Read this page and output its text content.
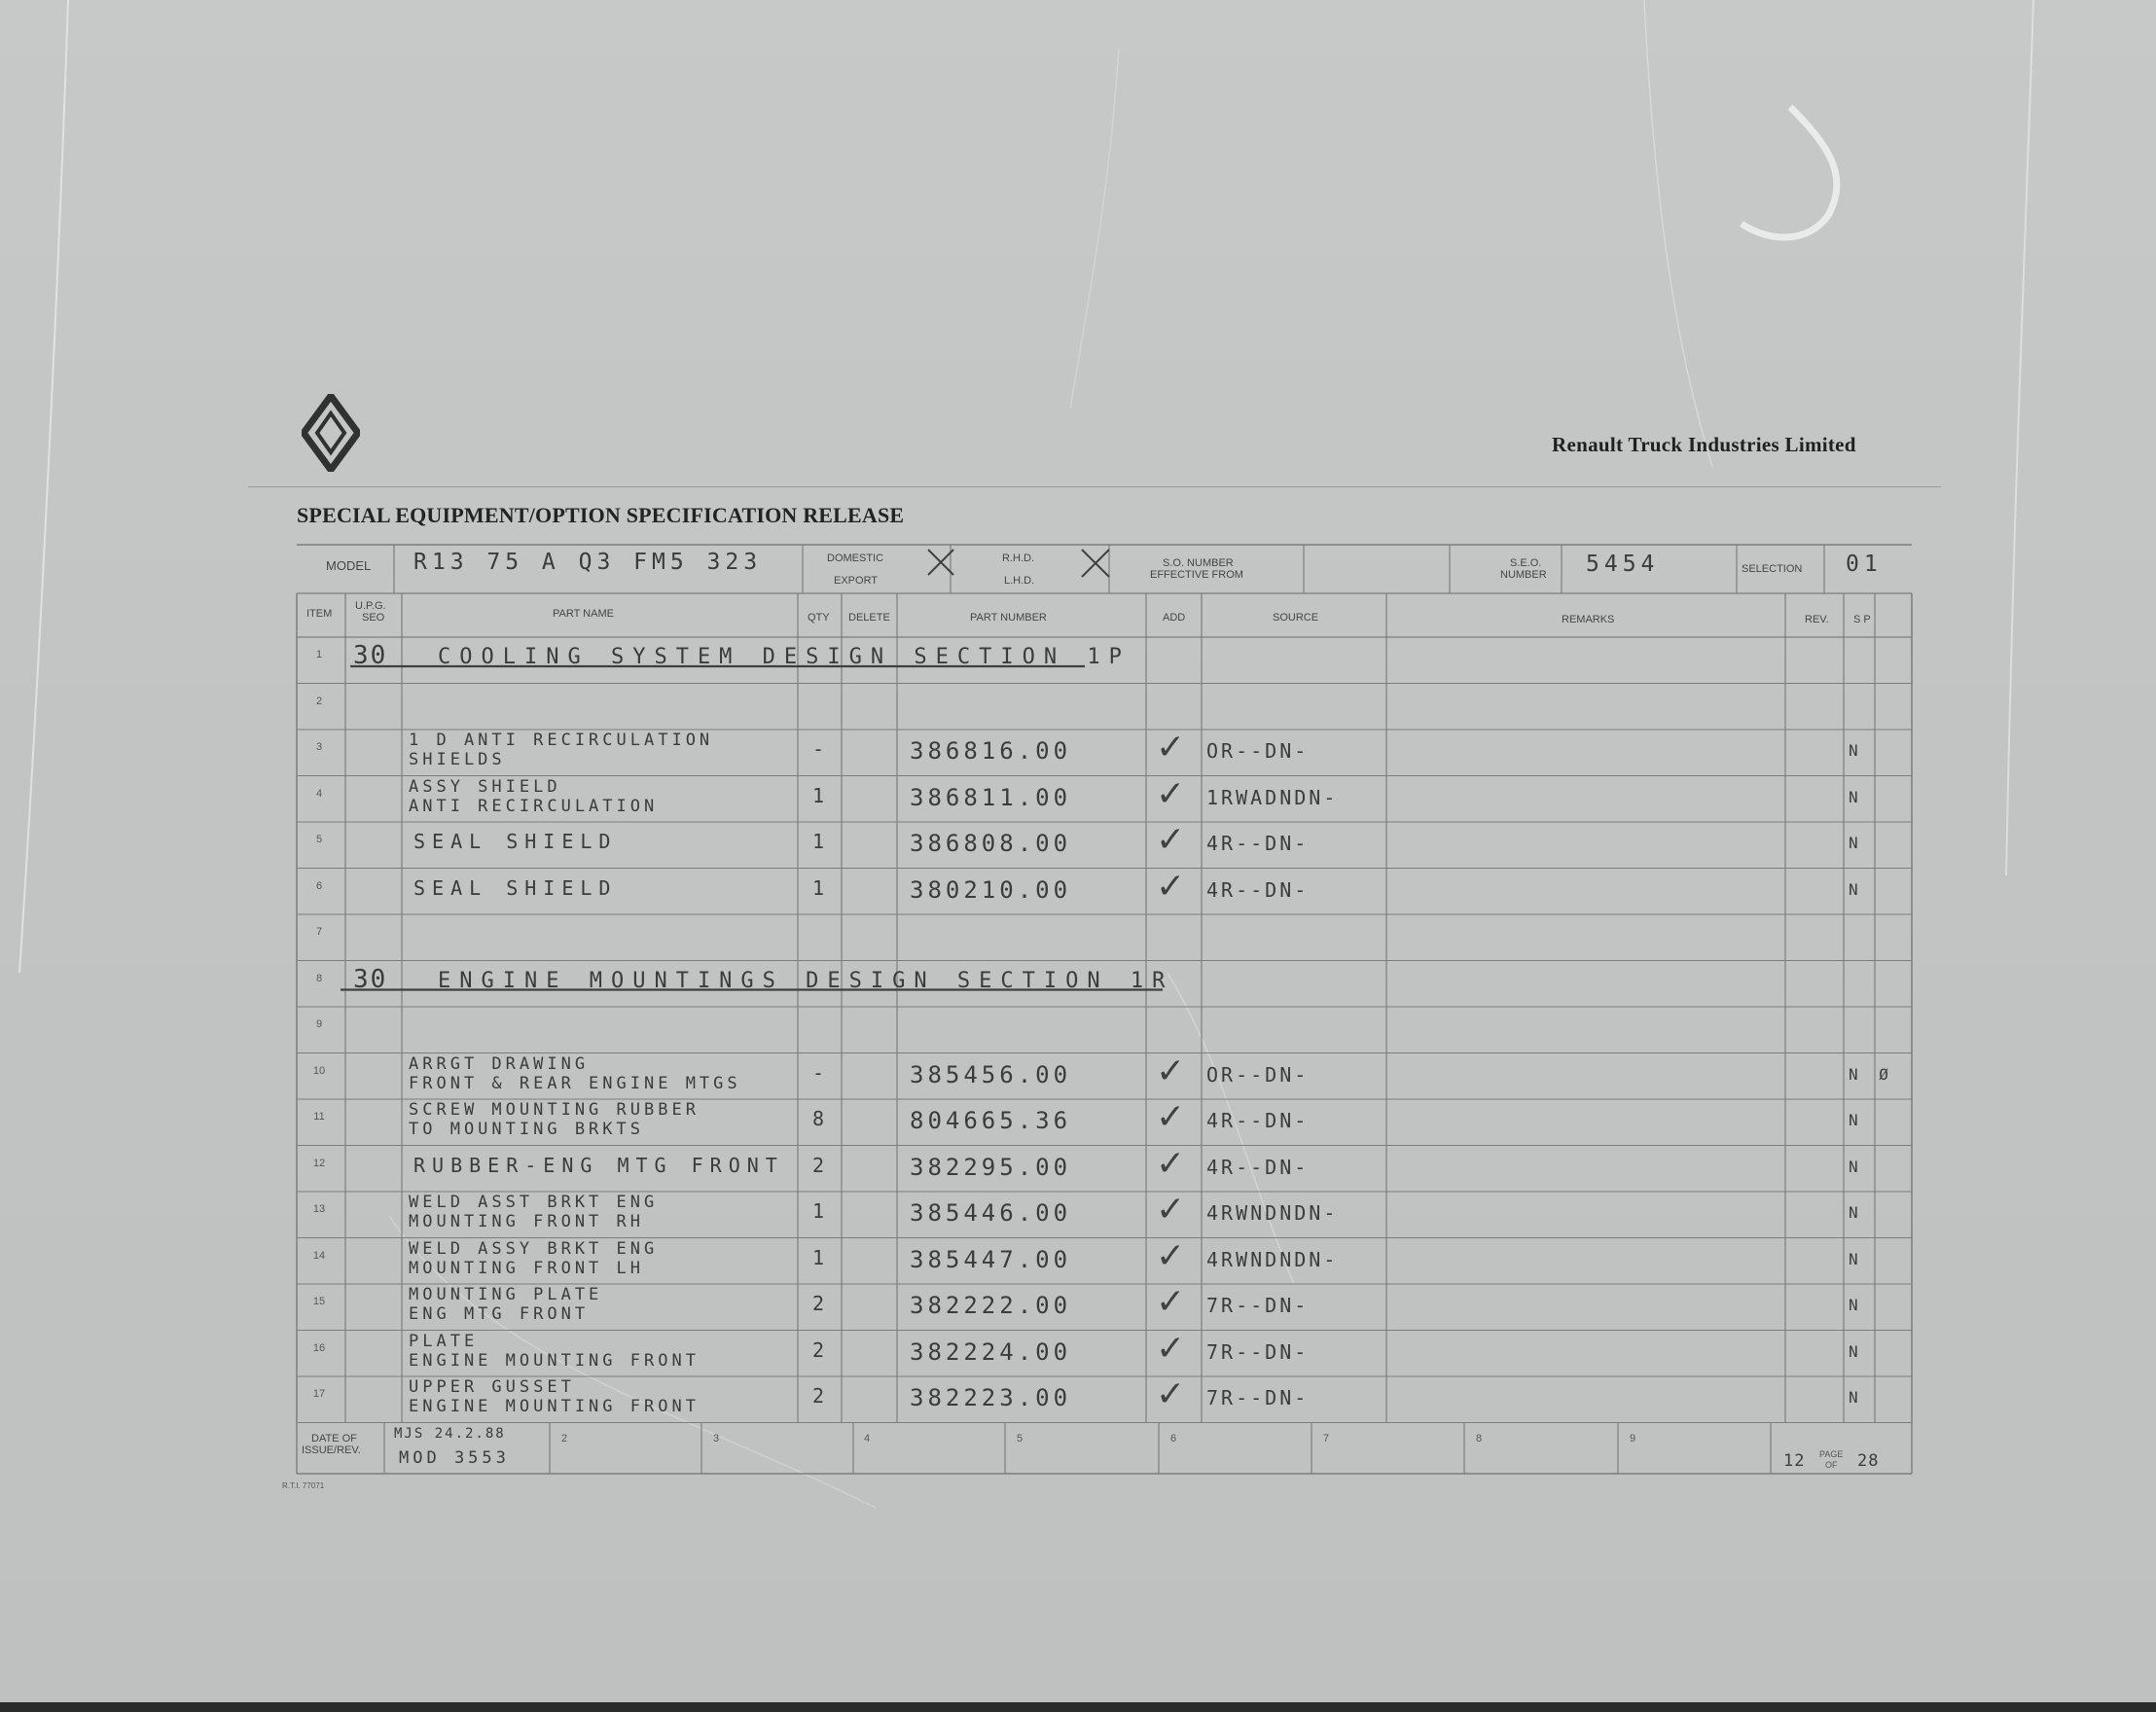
Renault Truck Industries Limited
SPECIAL EQUIPMENT/OPTION SPECIFICATION RELEASE
MODEL R13 75 A Q3 FM5 323	DOMESTIC
EXPORT
R.H.D.
L.H.D.
S.O. NUMBER
EFFECTIVE FROM
S.E.O.
NUMBER 5454	SELECTION 01
ITEM
U.P.G.
SEO	PART NAME	QTY DELETE	PART NUMBER	ADD	SOURCE	REMARKS	REV. S P
1	30 COOLING SYSTEM DESIGN SECTION 1P
2
3	1 D ANTI RECIRCULATION
SHIELDS	-	386816.00 ✓ OR--DN-	N
4	ASSY SHIELD
ANTI RECIRCULATION	1	386811.00 ✓ 1RWADNDN-	N
5	SEAL SHIELD	1	386808.00 ✓ 4R--DN-	N
6	SEAL SHIELD	1	380210.00 ✓ 4R--DN-	N
7
8	30 ENGINE MOUNTINGS DESIGN SECTION 1R
9
10	ARRGT DRAWING
FRONT & REAR ENGINE MTGS	-	385456.00 ✓ OR--DN-	N Ø
11	SCREW MOUNTING RUBBER
TO MOUNTING BRKTS	8	804665.36 ✓ 4R--DN-	N
12	RUBBER-ENG MTG FRONT 2	382295.00 ✓ 4R--DN-	N
13	WELD ASST BRKT ENG
MOUNTING FRONT RH	1	385446.00 ✓ 4RWNDNDN-	N
14	WELD ASSY BRKT ENG
MOUNTING FRONT LH	1	385447.00 ✓ 4RWNDNDN-	N
15	MOUNTING PLATE
ENG MTG FRONT	2	382222.00 ✓ 7R--DN-	N
16	PLATE
ENGINE MOUNTING FRONT	2	382224.00 ✓ 7R--DN-	N
17	UPPER GUSSET
ENGINE MOUNTING FRONT	2	382223.00 ✓ 7R--DN-	N
DATE OF
ISSUE/REV.
MJS 24.2.88
MOD 3553
2	3	4	5	6	7	8	9
12 PAGE
OF 28
R.T.I. 77071
